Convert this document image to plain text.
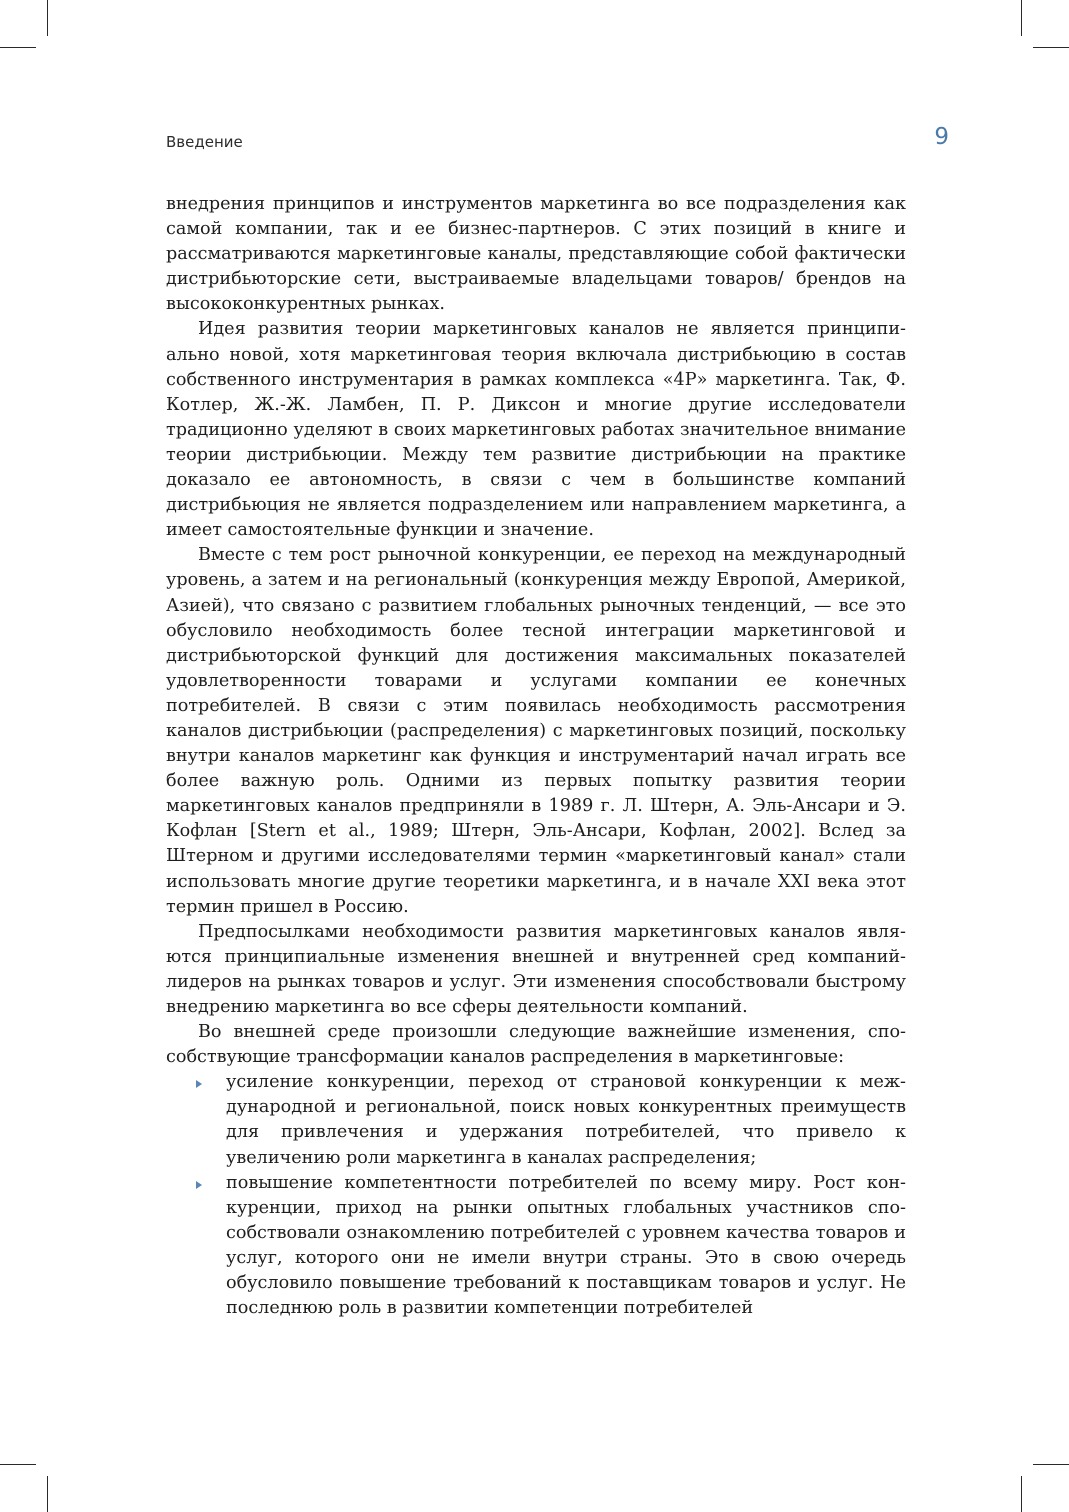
Введение	9

внедрения принципов и инструментов маркетинга во все подразделения как самой компании, так и ее бизнес-партнеров. С этих позиций в книге и рассматриваются маркетинговые каналы, представляющие собой фактически дистрибьюторские сети, выстраиваемые владельцами товаров/ брендов на высококонкурентных рынках.

Идея развития теории маркетинговых каналов не является принципиально новой, хотя маркетинговая теория включала дистрибьюцию в состав собственного инструментария в рамках комплекса «4P» маркетинга. Так, Ф. Котлер, Ж.-Ж. Ламбен, П. Р. Диксон и многие другие исследователи традиционно уделяют в своих маркетинговых работах значительное внимание теории дистрибьюции. Между тем развитие дистрибьюции на практике доказало ее автономность, в связи с чем в большинстве компаний дистрибьюция не является подразделением или направлением маркетинга, а имеет самостоятельные функции и значение.

Вместе с тем рост рыночной конкуренции, ее переход на международный уровень, а затем и на региональный (конкуренция между Европой, Америкой, Азией), что связано с развитием глобальных рыночных тенденций, — все это обусловило необходимость более тесной интеграции маркетинговой и дистрибьюторской функций для достижения максимальных показателей удовлетворенности товарами и услугами компании ее конечных потребителей. В связи с этим появилась необходимость рассмотрения каналов дистрибьюции (распределения) с маркетинговых позиций, поскольку внутри каналов маркетинг как функция и инструментарий начал играть все более важную роль. Одними из первых попытку развития теории маркетинговых каналов предприняли в 1989 г. Л. Штерн, А. Эль-Ансари и Э. Кофлан [Stern et al., 1989; Штерн, Эль-Ансари, Кофлан, 2002]. Вслед за Штерном и другими исследователями термин «маркетинговый канал» стали использовать многие другие теоретики маркетинга, и в начале XXI века этот термин пришел в Россию.

Предпосылками необходимости развития маркетинговых каналов являются принципиальные изменения внешней и внутренней сред компаний-лидеров на рынках товаров и услуг. Эти изменения способствовали быстрому внедрению маркетинга во все сферы деятельности компаний.

Во внешней среде произошли следующие важнейшие изменения, способствующие трансформации каналов распределения в маркетинговые:

усиление конкуренции, переход от страновой конкуренции к международной и региональной, поиск новых конкурентных преимуществ для привлечения и удержания потребителей, что привело к увеличению роли маркетинга в каналах распределения;
повышение компетентности потребителей по всему миру. Рост конкуренции, приход на рынки опытных глобальных участников способствовали ознакомлению потребителей с уровнем качества товаров и услуг, которого они не имели внутри страны. Это в свою очередь обусловило повышение требований к поставщикам товаров и услуг. Не последнюю роль в развитии компетенции потребителей
